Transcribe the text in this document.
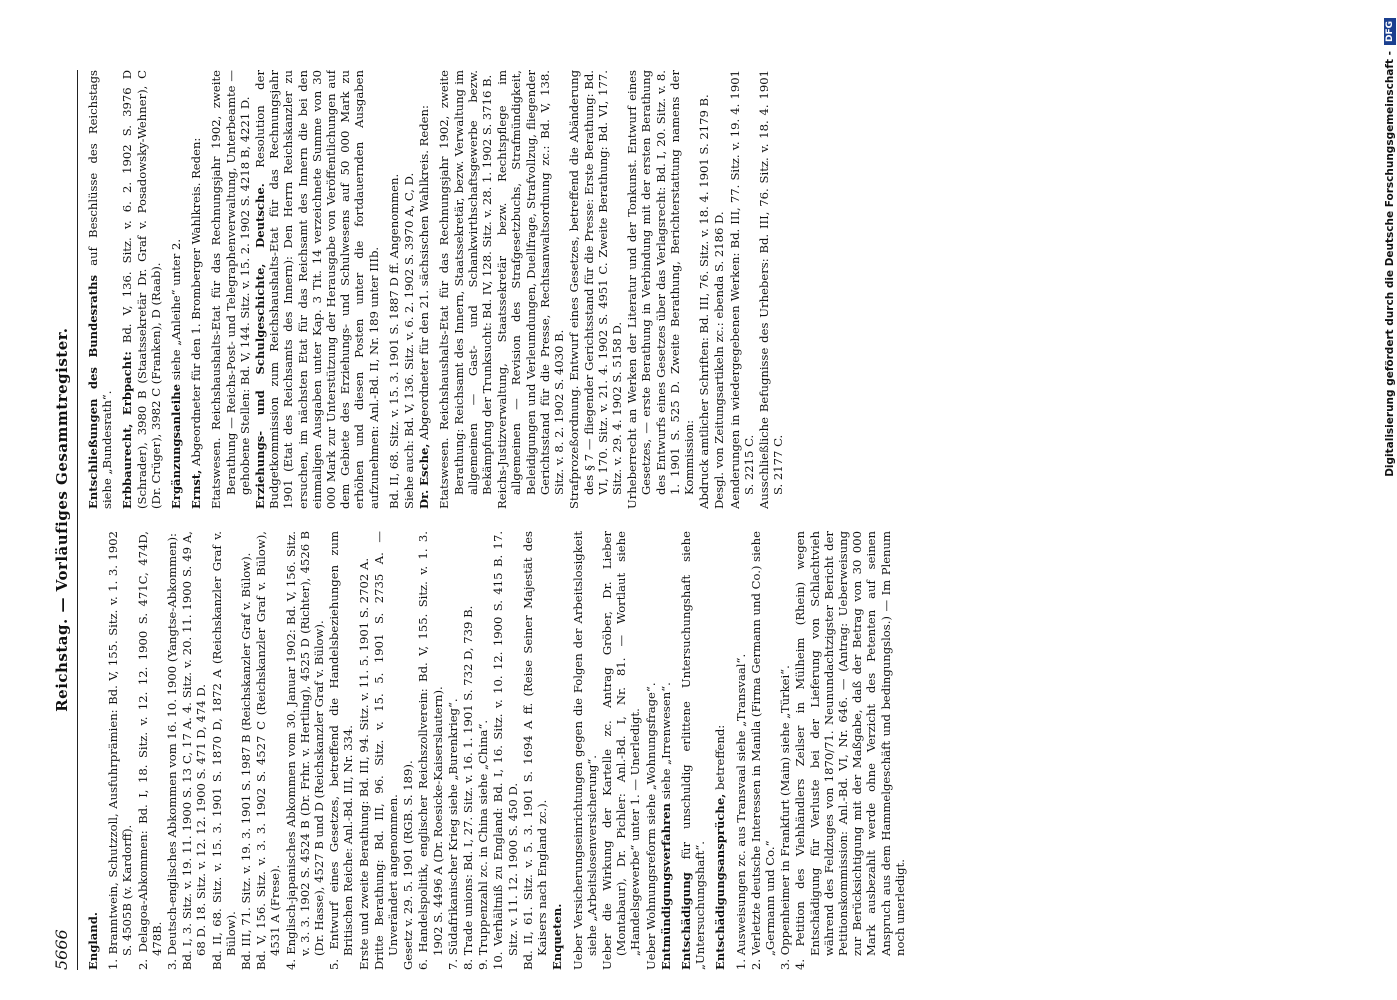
5666
Reichstag. — Vorläufiges Gesammtregister.

England. 1. Branntwein, Schutzzoll, Ausfuhrprämien: Bd. V, 155. Sitz. v. 1. 3. 1902 S. 4505B (v. Kardorff). 2. Delagoa-Abkommen: Bd. I, 18. Sitz. v. 12. 12. 1900 S. 471C, 474D, 478B. 3. Deutsch-englisches Abkommen vom 16. 10. 1900 (Yangtse-Abkommen): Bd. I, 3. Sitz. v. 19. 11. 1900 S. 13 C, 17 A. 4. Sitz. v. 20. 11. 1900 S. 49 A, 68 D. 18. Sitz. v. 12. 12. 1900 S. 471 D, 474 D. Bd. II, 68. Sitz. v. 15. 3. 1901 S. 1870 D, 1872 A (Reichskanzler Graf v. Bülow). Bd. III, 71. Sitz. v. 19. 3. 1901 S. 1987 B (Reichskanzler Graf v. Bülow). Bd. V, 156. Sitz. v. 3. 3. 1902 S. 4527 C (Reichskanzler Graf v. Bülow), 4531 A (Frese). 4. Englisch-japanisches Abkommen vom 30. Januar 1902: Bd. V, 156. Sitz. v. 3. 3. 1902 S. 4524 B (Dr. Frhr. v. Hertling), 4525 D (Richter), 4526 B (Dr. Hasse), 4527 B und D (Reichskanzler Graf v. Bülow). 5. Entwurf eines Gesetzes, betreffend die Handelsbeziehungen zum Britischen Reiche: Anl.-Bd. III, Nr. 334. Erste und zweite Berathung: Bd. III, 94. Sitz. v. 11. 5. 1901 S. 2702 A. Dritte Berathung: Bd. III, 96. Sitz. v. 15. 5. 1901 S. 2735 A. — Unverändert angenommen. Gesetz v. 29. 5. 1901 (RGB. S. 189). 6. Handelspolitik, englischer Reichszollverein: Bd. V, 155. Sitz. v. 1. 3. 1902 S. 4496 A (Dr. Roesicke-Kaiserslautern). 7. Südafrikanischer Krieg siehe „Burenkrieg“. 8. Trade unions: Bd. I, 27. Sitz. v. 16. 1. 1901 S. 732 D, 739 B. 9. Truppenzahl zc. in China siehe „China“. 10. Verhältniß zu England: Bd. I, 16. Sitz. v. 10. 12. 1900 S. 415 B. 17. Sitz. v. 11. 12. 1900 S. 450 D. Bd. II, 61. Sitz. v. 5. 3. 1901 S. 1694 A ff. (Reise Seiner Majestät des Kaisers nach England zc.). Enqueten. Ueber Versicherungseinrichtungen gegen die Folgen der Arbeitslosigkeit siehe „Arbeitslosenversicherung“. Ueber die Wirkung der Kartelle zc. Antrag Gröber, Dr. Lieber (Montabaur), Dr. Pichler: Anl.-Bd. I, Nr. 81. — Wortlaut siehe „Handelsgewerbe“ unter 1. — Unerledigt. Ueber Wohnungsreform siehe „Wohnungsfrage“. Entmündigungsverfahren siehe „Irrenwesen“.

Entschädigung für unschuldig erlittene Untersuchungshaft siehe „Untersuchungshaft“. Entschädigungsansprüche, betreffend: 1. Ausweisungen zc. aus Transvaal siehe „Transvaal“. 2. Verletzte deutsche Interessen in Manila (Firma Germann und Co.) siehe „Germann und Co.“ 3. Oppenheimer in Frankfurt (Main) siehe „Türkei“. 4. Petition des Viehhändlers Zeilser in Mülheim (Rhein) wegen Entschädigung für Verluste bei der Lieferung von Schlachtvieh während des Feldzuges von 1870/71. Neunundachtzigster Bericht der Petitionskommission: Anl.-Bd. VI, Nr. 646. — (Antrag: Ueberweisung zur Berücksichtigung mit der Maßgabe, daß der Betrag von 30 000 Mark ausbezahlt werde ohne Verzicht des Petenten auf seinen Anspruch aus dem Hammelgeschäft und bedingungslos.) — Im Plenum noch unerledigt.

Entschließungen des Bundesraths auf Beschlüsse des Reichstags siehe „Bundesrath“. Erbbaurecht, Erbpacht: Bd. V, 136. Sitz. v. 6. 2. 1902 S. 3976 D (Schrader), 3980 B (Staatssekretär Dr. Graf v. Posadowsky-Wehner), C (Dr. Crüger), 3982 C (Franken), D (Raab). Ergänzungsanleihe siehe „Anleihe“ unter 2.

Ernst, Abgeordneter für den 1. Bromberger Wahlkreis. Reden: Etatswesen. Reichshaushalts-Etat für das Rechnungsjahr 1902, zweite Berathung — Reichs-Post- und Telegraphenverwaltung, Unterbeamte — gehobene Stellen: Bd. V, 144. Sitz. v. 15. 2. 1902 S. 4218 B, 4221 D. Erziehungs- und Schulgeschichte, Deutsche. Resolution der Budgetkommission zum Reichshaushalts-Etat für das Rechnungsjahr 1901 (Etat des Reichsamts des Innern): Den Herrn Reichskanzler zu ersuchen, im nächsten Etat für das Reichsamt des Innern die bei den einmaligen Ausgaben unter Kap. 3 Tit. 14 verzeichnete Summe von 30 000 Mark zur Unterstützung der Herausgabe von Veröffentlichungen auf dem Gebiete des Erziehungs- und Schulwesens auf 50 000 Mark zu erhöhen und diesen Posten unter die fortdauernden Ausgaben aufzunehmen: Anl.-Bd. II, Nr. 189 unter IIIb. Bd. II, 68. Sitz. v. 15. 3. 1901 S. 1887 D ff. Angenommen. Siehe auch: Bd. V, 136. Sitz. v. 6. 2. 1902 S. 3970 A, C, D. Dr. Esche, Abgeordneter für den 21. sächsischen Wahlkreis. Reden: Etatswesen. Reichshaushalts-Etat für das Rechnungsjahr 1902, zweite Berathung: Reichsamt des Innern, Staatssekretär, bezw. Verwaltung im allgemeinen — Gast- und Schankwirthschaftsgewerbe bezw. Bekämpfung der Trunksucht: Bd. IV, 128. Sitz. v. 28. 1. 1902 S. 3716 B. Reichs-Justizverwaltung, Staatssekretär bezw. Rechtspflege im allgemeinen — Revision des Strafgesetzbuchs, Strafmündigkeit, Beleidigungen und Verleumdungen, Duellfrage, Strafvollzug, fliegender Gerichtsstand für die Presse, Rechtsanwaltsordnung zc.: Bd. V, 138. Sitz. v. 8. 2. 1902 S. 4030 B. Strafprozeßordnung. Entwurf eines Gesetzes, betreffend die Abänderung des § 7 — fliegender Gerichtsstand für die Presse: Erste Berathung: Bd. VI, 170. Sitz. v. 21. 4. 1902 S. 4951 C. Zweite Berathung: Bd. VI, 177. Sitz. v. 29. 4. 1902 S. 5158 D. Urheberrecht an Werken der Literatur und der Tonkunst. Entwurf eines Gesetzes, — erste Berathung in Verbindung mit der ersten Berathung des Entwurfs eines Gesetzes über das Verlagsrecht: Bd. I, 20. Sitz. v. 8. 1. 1901 S. 525 D. Zweite Berathung, Berichterstattung namens der Kommission: Abdruck amtlicher Schriften: Bd. III, 76. Sitz. v. 18. 4. 1901 S. 2179 B. Desgl. von Zeitungsartikeln zc.: ebenda S. 2186 D. Aenderungen in wiedergegebenen Werken: Bd. III, 77. Sitz. v. 19. 4. 1901 S. 2215 C. Ausschließliche Befugnisse des Urhebers: Bd. III, 76. Sitz. v. 18. 4. 1901 S. 2177 C.	Digitalisierung gefördert durch die Deutsche Forschungsgemeinschaft -
DFG
